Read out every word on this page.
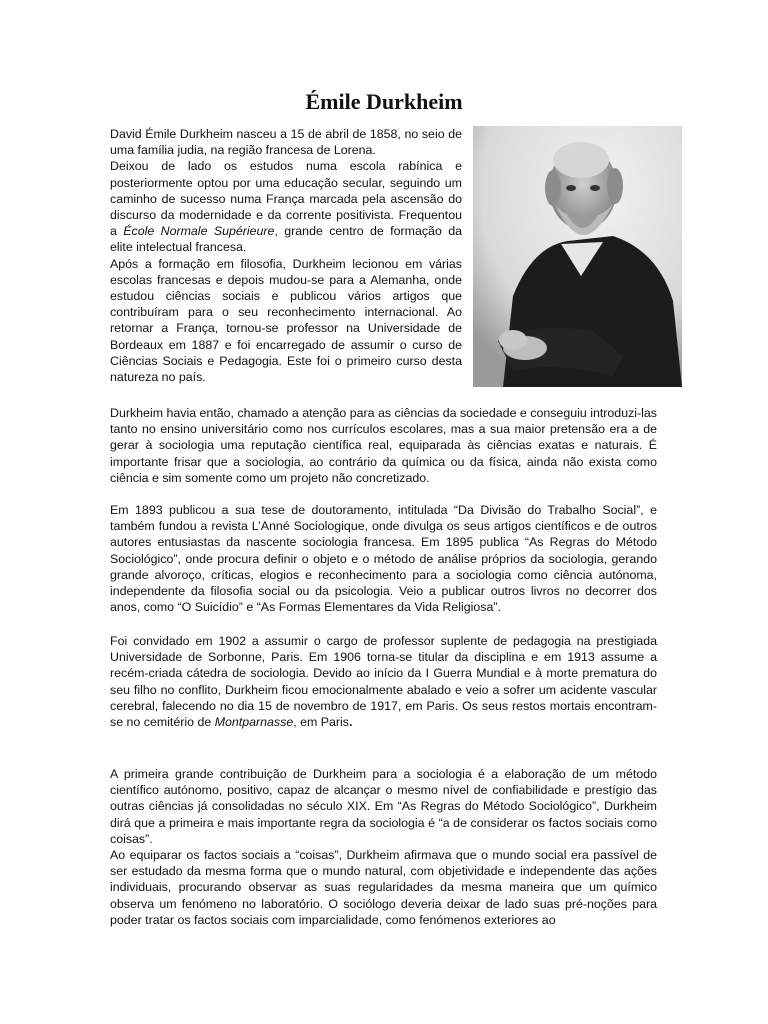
Émile Durkheim

David Émile Durkheim nasceu a 15 de abril de 1858, no seio de uma família judia, na região francesa de Lorena.

Deixou de lado os estudos numa escola rabínica e posteriormente optou por uma educação secular, seguindo um caminho de sucesso numa França marcada pela ascensão do discurso da modernidade e da corrente positivista. Frequentou a École Normale Supérieure, grande centro de formação da elite intelectual francesa.

Após a formação em filosofia, Durkheim lecionou em várias escolas francesas e depois mudou-se para a Alemanha, onde estudou ciências sociais e publicou vários artigos que contribuíram para o seu reconhecimento internacional. Ao retornar a França, tornou-se professor na Universidade de Bordeaux em 1887 e foi encarregado de assumir o curso de Ciências Sociais e Pedagogia. Este foi o primeiro curso desta natureza no país.

Durkheim havia então, chamado a atenção para as ciências da sociedade e conseguiu introduzi-las tanto no ensino universitário como nos currículos escolares, mas a sua maior pretensão era a de gerar à sociologia uma reputação científica real, equiparada às ciências exatas e naturais. É importante frisar que a sociologia, ao contrário da química ou da física, ainda não exista como ciência e sim somente como um projeto não concretizado.

Em 1893 publicou a sua tese de doutoramento, intitulada “Da Divisão do Trabalho Social”, e também fundou a revista L’Anné Sociologique, onde divulga os seus artigos científicos e de outros autores entusiastas da nascente sociologia francesa. Em 1895 publica “As Regras do Método Sociológico”, onde procura definir o objeto e o método de análise próprios da sociologia, gerando grande alvoroço, críticas, elogios e reconhecimento para a sociologia como ciência autónoma, independente da filosofia social ou da psicologia. Veio a publicar outros livros no decorrer dos anos, como “O Suicídio” e “As Formas Elementares da Vida Religiosa”.

Foi convidado em 1902 a assumir o cargo de professor suplente de pedagogia na prestigiada Universidade de Sorbonne, Paris. Em 1906 torna-se titular da disciplina e em 1913 assume a recém-criada cátedra de sociologia. Devido ao início da I Guerra Mundial e à morte prematura do seu filho no conflito, Durkheim ficou emocionalmente abalado e veio a sofrer um acidente vascular cerebral, falecendo no dia 15 de novembro de 1917, em Paris. Os seus restos mortais encontram-se no cemitério de Montparnasse, em Paris.

A primeira grande contribuição de Durkheim para a sociologia é a elaboração de um método científico autónomo, positivo, capaz de alcançar o mesmo nível de confiabilidade e prestígio das outras ciências já consolidadas no século XIX. Em “As Regras do Método Sociológico”, Durkheim dirá que a primeira e mais importante regra da sociologia é “a de considerar os factos sociais como coisas”.

Ao equiparar os factos sociais a “coisas”, Durkheim afirmava que o mundo social era passível de ser estudado da mesma forma que o mundo natural, com objetividade e independente das ações individuais, procurando observar as suas regularidades da mesma maneira que um químico observa um fenómeno no laboratório. O sociólogo deveria deixar de lado suas pré-noções para poder tratar os factos sociais com imparcialidade, como fenómenos exteriores ao
